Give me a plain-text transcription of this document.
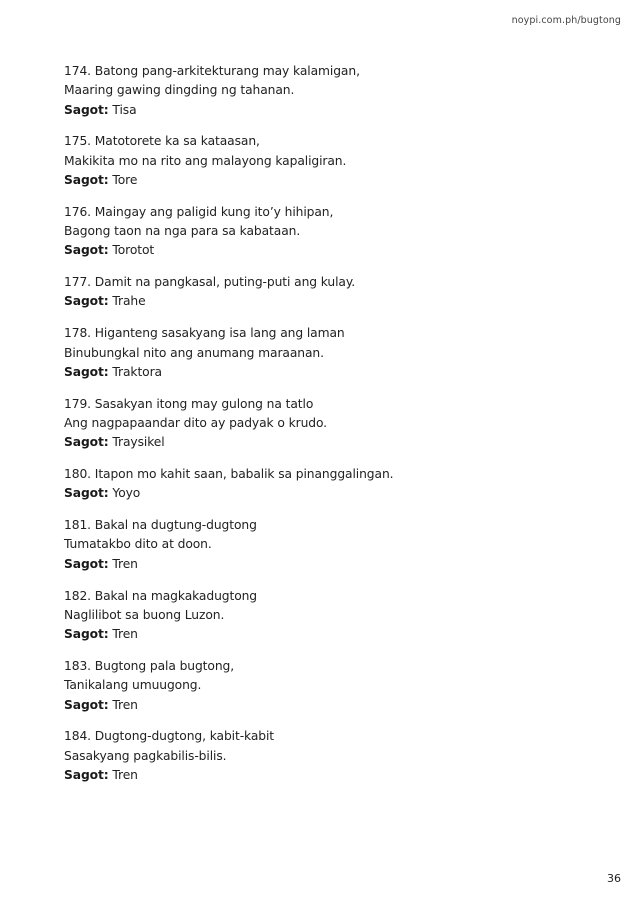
noypi.com.ph/bugtong
174. Batong pang-arkitekturang may kalamigan,
Maaring gawing dingding ng tahanan.
Sagot: Tisa
175. Matotorete ka sa kataasan,
Makikita mo na rito ang malayong kapaligiran.
Sagot: Tore
176. Maingay ang paligid kung ito’y hihipan,
Bagong taon na nga para sa kabataan.
Sagot: Torotot
177. Damit na pangkasal, puting-puti ang kulay.
Sagot: Trahe
178. Higanteng sasakyang isa lang ang laman
Binubungkal nito ang anumang maraanan.
Sagot: Traktora
179. Sasakyan itong may gulong na tatlo
Ang nagpapaandar dito ay padyak o krudo.
Sagot: Traysikel
180. Itapon mo kahit saan, babalik sa pinanggalingan.
Sagot: Yoyo
181. Bakal na dugtung-dugtong
Tumatakbo dito at doon.
Sagot: Tren
182. Bakal na magkakadugtong
Naglilibot sa buong Luzon.
Sagot: Tren
183. Bugtong pala bugtong,
Tanikalang umuugong.
Sagot: Tren
184. Dugtong-dugtong, kabit-kabit
Sasakyang pagkabilis-bilis.
Sagot: Tren
36
